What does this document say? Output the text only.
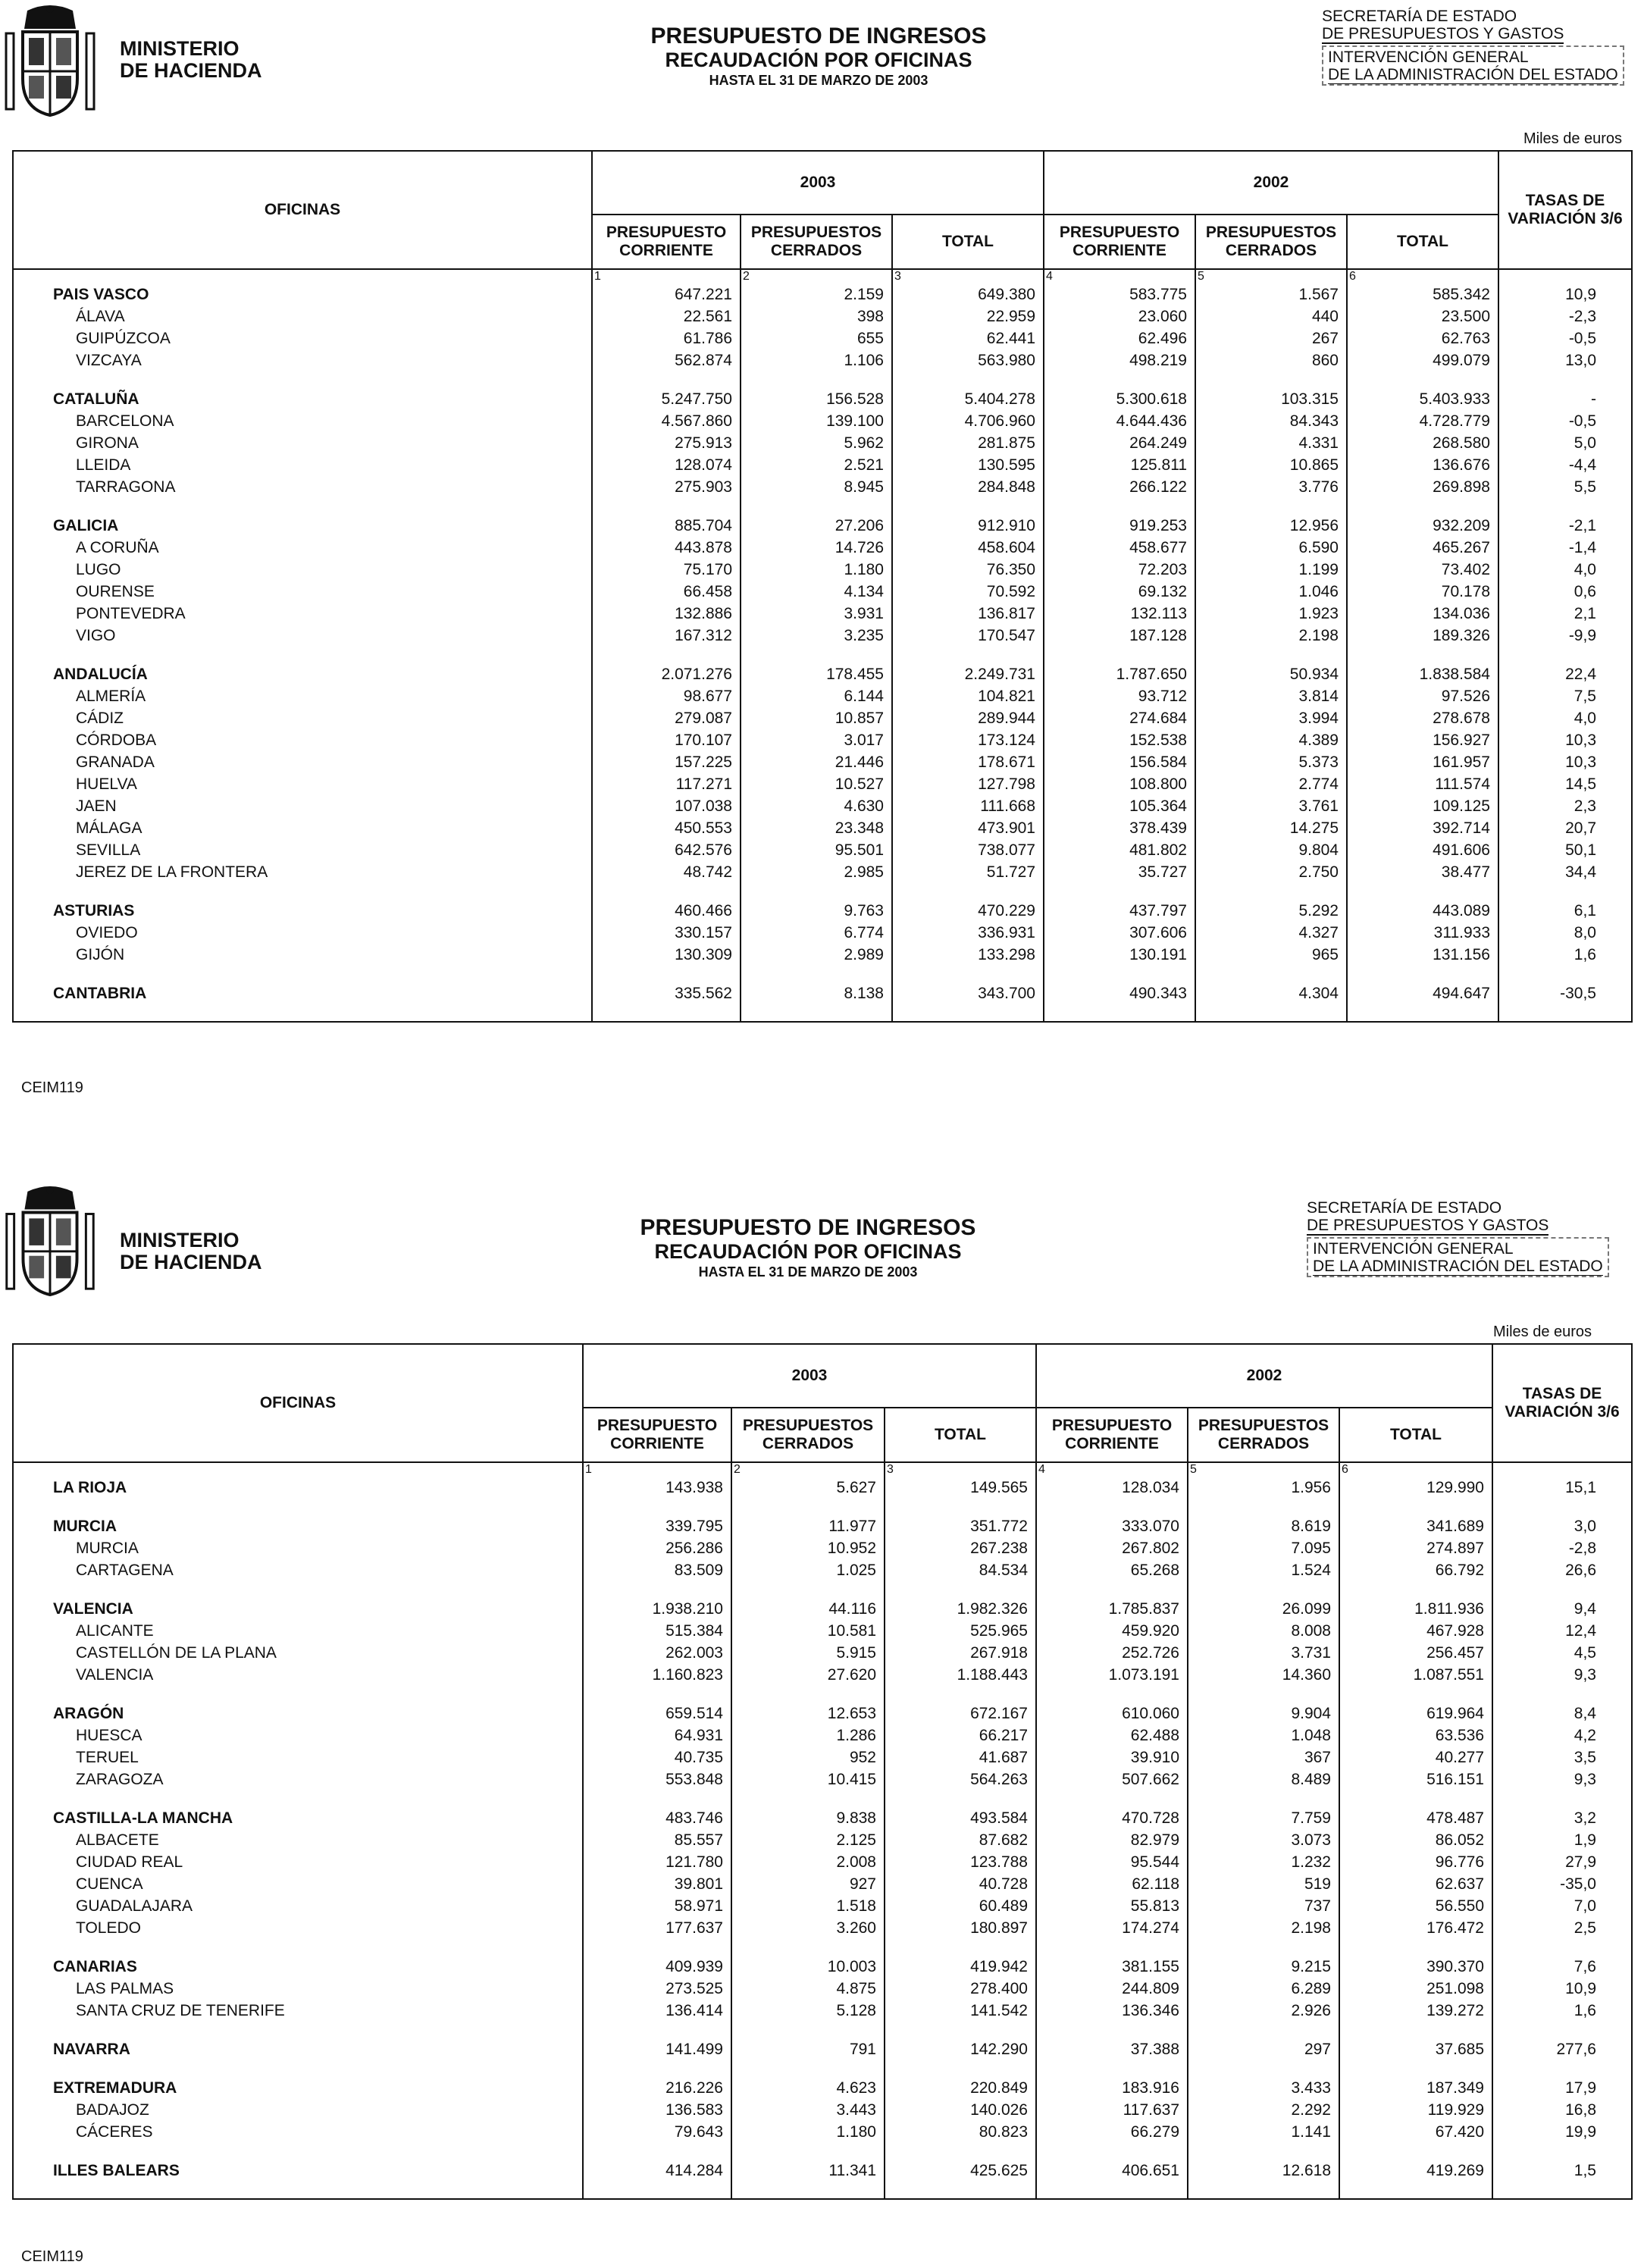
MINISTERIO
DE HACIENDA
PRESUPUESTO DE INGRESOS
RECAUDACIÓN POR OFICINAS
HASTA EL 31 DE MARZO DE 2003
SECRETARÍA DE ESTADO
DE PRESUPUESTOS Y GASTOS
INTERVENCIÓN GENERAL
DE LA ADMINISTRACIÓN DEL ESTADO
Miles de euros
OFICINAS	2003			2002			TASAS DE VARIACIÓN 3/6
	PRESUPUESTO CORRIENTE	PRESUPUESTOS CERRADOS	TOTAL	PRESUPUESTO CORRIENTE	PRESUPUESTOS CERRADOS	TOTAL	
	1	2	3	4	5	6	
PAIS VASCO	647.221	2.159	649.380	583.775	1.567	585.342	10,9
ÁLAVA	22.561	398	22.959	23.060	440	23.500	-2,3
GUIPÚZCOA	61.786	655	62.441	62.496	267	62.763	-0,5
VIZCAYA	562.874	1.106	563.980	498.219	860	499.079	13,0

CATALUÑA	5.247.750	156.528	5.404.278	5.300.618	103.315	5.403.933	-
BARCELONA	4.567.860	139.100	4.706.960	4.644.436	84.343	4.728.779	-0,5
GIRONA	275.913	5.962	281.875	264.249	4.331	268.580	5,0
LLEIDA	128.074	2.521	130.595	125.811	10.865	136.676	-4,4
TARRAGONA	275.903	8.945	284.848	266.122	3.776	269.898	5,5

GALICIA	885.704	27.206	912.910	919.253	12.956	932.209	-2,1
A CORUÑA	443.878	14.726	458.604	458.677	6.590	465.267	-1,4
LUGO	75.170	1.180	76.350	72.203	1.199	73.402	4,0
OURENSE	66.458	4.134	70.592	69.132	1.046	70.178	0,6
PONTEVEDRA	132.886	3.931	136.817	132.113	1.923	134.036	2,1
VIGO	167.312	3.235	170.547	187.128	2.198	189.326	-9,9

ANDALUCÍA	2.071.276	178.455	2.249.731	1.787.650	50.934	1.838.584	22,4
ALMERÍA	98.677	6.144	104.821	93.712	3.814	97.526	7,5
CÁDIZ	279.087	10.857	289.944	274.684	3.994	278.678	4,0
CÓRDOBA	170.107	3.017	173.124	152.538	4.389	156.927	10,3
GRANADA	157.225	21.446	178.671	156.584	5.373	161.957	10,3
HUELVA	117.271	10.527	127.798	108.800	2.774	111.574	14,5
JAEN	107.038	4.630	111.668	105.364	3.761	109.125	2,3
MÁLAGA	450.553	23.348	473.901	378.439	14.275	392.714	20,7
SEVILLA	642.576	95.501	738.077	481.802	9.804	491.606	50,1
JEREZ DE LA FRONTERA	48.742	2.985	51.727	35.727	2.750	38.477	34,4

ASTURIAS	460.466	9.763	470.229	437.797	5.292	443.089	6,1
OVIEDO	330.157	6.774	336.931	307.606	4.327	311.933	8,0
GIJÓN	130.309	2.989	133.298	130.191	965	131.156	1,6

CANTABRIA	335.562	8.138	343.700	490.343	4.304	494.647	-30,5

CEIM119
MINISTERIO
DE HACIENDA
PRESUPUESTO DE INGRESOS
RECAUDACIÓN POR OFICINAS
HASTA EL 31 DE MARZO DE 2003
SECRETARÍA DE ESTADO
DE PRESUPUESTOS Y GASTOS
INTERVENCIÓN GENERAL
DE LA ADMINISTRACIÓN DEL ESTADO
Miles de euros
OFICINAS	2003			2002			TASAS DE VARIACIÓN 3/6
	PRESUPUESTO CORRIENTE	PRESUPUESTOS CERRADOS	TOTAL	PRESUPUESTO CORRIENTE	PRESUPUESTOS CERRADOS	TOTAL	
	1	2	3	4	5	6	
LA RIOJA	143.938	5.627	149.565	128.034	1.956	129.990	15,1

MURCIA	339.795	11.977	351.772	333.070	8.619	341.689	3,0
MURCIA	256.286	10.952	267.238	267.802	7.095	274.897	-2,8
CARTAGENA	83.509	1.025	84.534	65.268	1.524	66.792	26,6

VALENCIA	1.938.210	44.116	1.982.326	1.785.837	26.099	1.811.936	9,4
ALICANTE	515.384	10.581	525.965	459.920	8.008	467.928	12,4
CASTELLÓN DE LA PLANA	262.003	5.915	267.918	252.726	3.731	256.457	4,5
VALENCIA	1.160.823	27.620	1.188.443	1.073.191	14.360	1.087.551	9,3

ARAGÓN	659.514	12.653	672.167	610.060	9.904	619.964	8,4
HUESCA	64.931	1.286	66.217	62.488	1.048	63.536	4,2
TERUEL	40.735	952	41.687	39.910	367	40.277	3,5
ZARAGOZA	553.848	10.415	564.263	507.662	8.489	516.151	9,3

CASTILLA-LA MANCHA	483.746	9.838	493.584	470.728	7.759	478.487	3,2
ALBACETE	85.557	2.125	87.682	82.979	3.073	86.052	1,9
CIUDAD REAL	121.780	2.008	123.788	95.544	1.232	96.776	27,9
CUENCA	39.801	927	40.728	62.118	519	62.637	-35,0
GUADALAJARA	58.971	1.518	60.489	55.813	737	56.550	7,0
TOLEDO	177.637	3.260	180.897	174.274	2.198	176.472	2,5

CANARIAS	409.939	10.003	419.942	381.155	9.215	390.370	7,6
LAS PALMAS	273.525	4.875	278.400	244.809	6.289	251.098	10,9
SANTA CRUZ DE TENERIFE	136.414	5.128	141.542	136.346	2.926	139.272	1,6

NAVARRA	141.499	791	142.290	37.388	297	37.685	277,6

EXTREMADURA	216.226	4.623	220.849	183.916	3.433	187.349	17,9
BADAJOZ	136.583	3.443	140.026	117.637	2.292	119.929	16,8
CÁCERES	79.643	1.180	80.823	66.279	1.141	67.420	19,9

ILLES BALEARS	414.284	11.341	425.625	406.651	12.618	419.269	1,5

CEIM119
